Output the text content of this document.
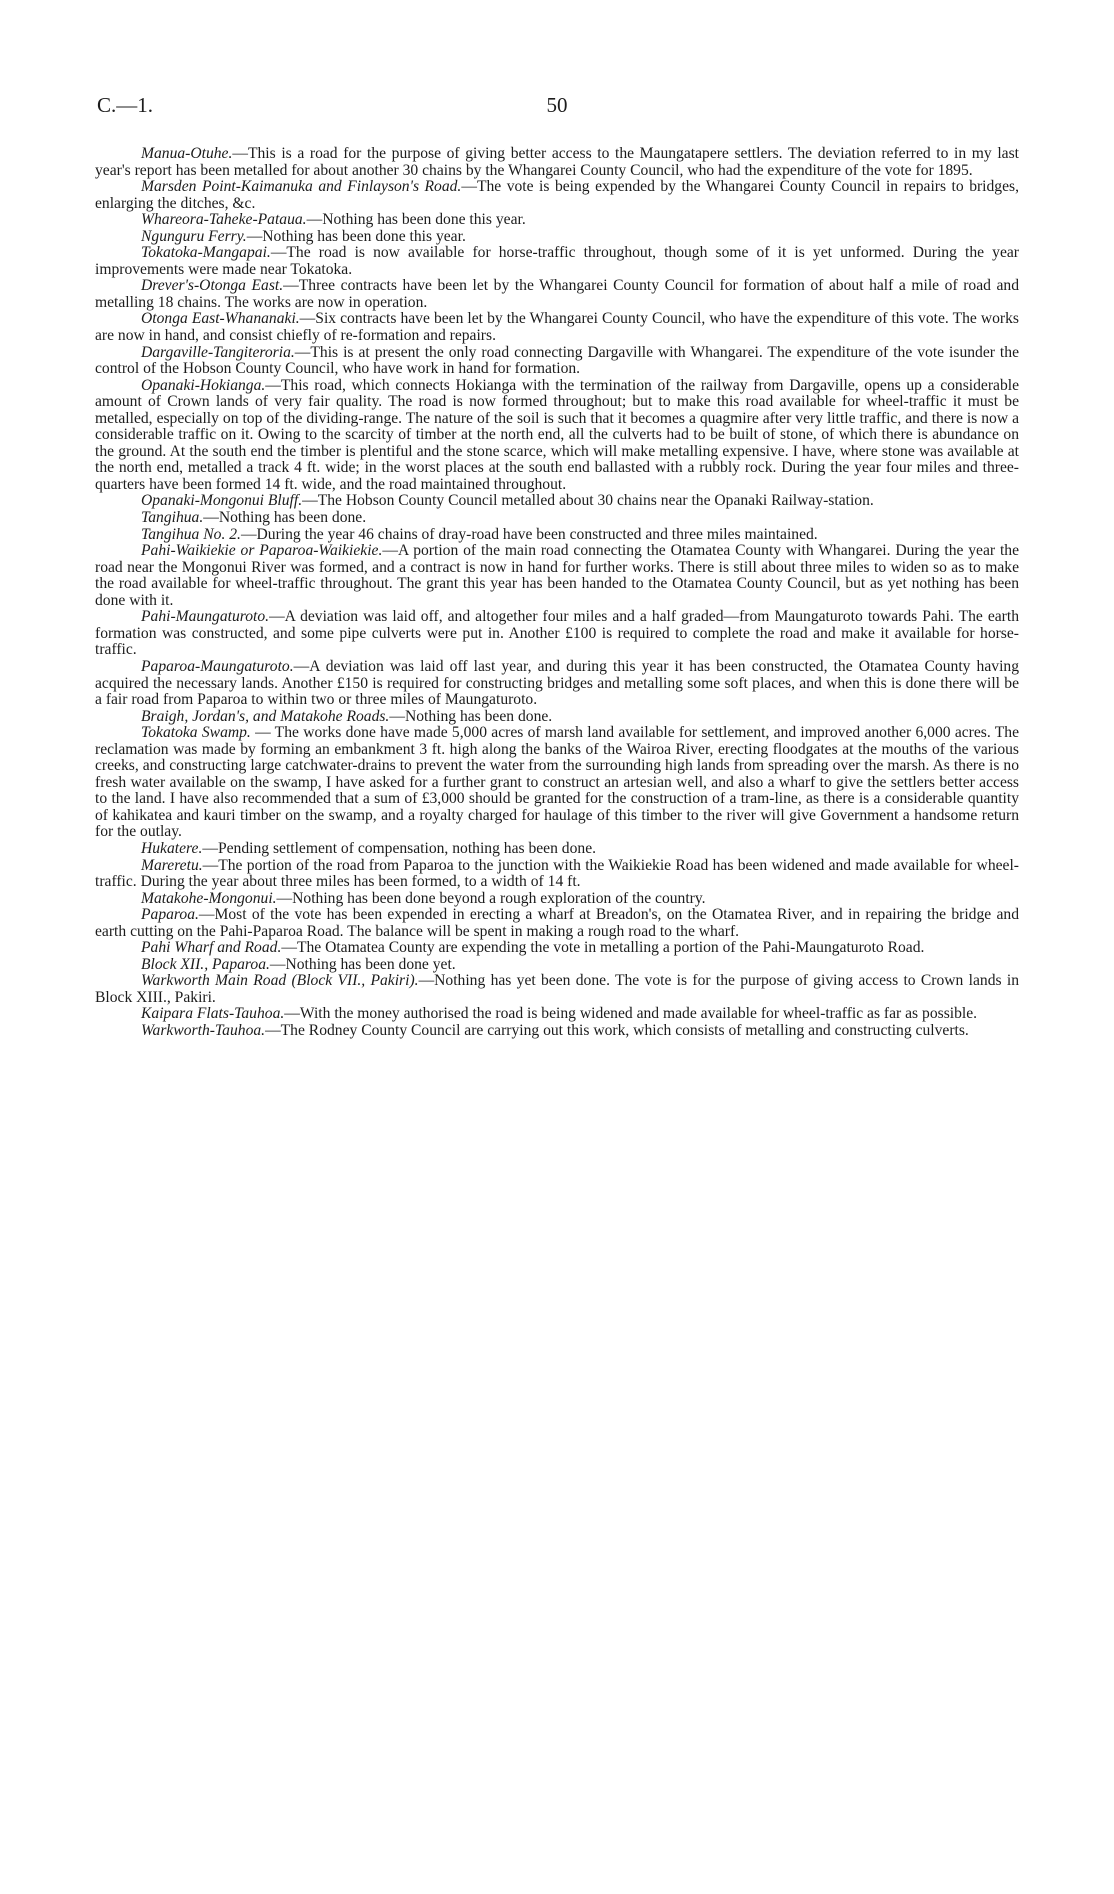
C.—1.	50

Manua-Otuhe.—This is a road for the purpose of giving better access to the Maungatapere settlers. The deviation referred to in my last year's report has been metalled for about another 30 chains by the Whangarei County Council, who had the expenditure of the vote for 1895.

Marsden Point-Kaimanuka and Finlayson's Road.—The vote is being expended by the Whangarei County Council in repairs to bridges, enlarging the ditches, &c.

Whareora-Taheke-Pataua.—Nothing has been done this year.

Ngunguru Ferry.—Nothing has been done this year.

Tokatoka-Mangapai.—The road is now available for horse-traffic throughout, though some of it is yet unformed. During the year improvements were made near Tokatoka.

Drever's-Otonga East.—Three contracts have been let by the Whangarei County Council for formation of about half a mile of road and metalling 18 chains. The works are now in operation.

Otonga East-Whananaki.—Six contracts have been let by the Whangarei County Council, who have the expenditure of this vote. The works are now in hand, and consist chiefly of re-formation and repairs.

Dargaville-Tangiteroria.—This is at present the only road connecting Dargaville with Whangarei. The expenditure of the vote isunder the control of the Hobson County Council, who have work in hand for formation.

Opanaki-Hokianga.—This road, which connects Hokianga with the termination of the railway from Dargaville, opens up a considerable amount of Crown lands of very fair quality. The road is now formed throughout; but to make this road available for wheel-traffic it must be metalled, especially on top of the dividing-range. The nature of the soil is such that it becomes a quagmire after very little traffic, and there is now a considerable traffic on it. Owing to the scarcity of timber at the north end, all the culverts had to be built of stone, of which there is abundance on the ground. At the south end the timber is plentiful and the stone scarce, which will make metalling expensive. I have, where stone was available at the north end, metalled a track 4 ft. wide; in the worst places at the south end ballasted with a rubbly rock. During the year four miles and three-quarters have been formed 14 ft. wide, and the road maintained throughout.

Opanaki-Mongonui Bluff.—The Hobson County Council metalled about 30 chains near the Opanaki Railway-station.

Tangihua.—Nothing has been done.

Tangihua No. 2.—During the year 46 chains of dray-road have been constructed and three miles maintained.

Pahi-Waikiekie or Paparoa-Waikiekie.—A portion of the main road connecting the Otamatea County with Whangarei. During the year the road near the Mongonui River was formed, and a contract is now in hand for further works. There is still about three miles to widen so as to make the road available for wheel-traffic throughout. The grant this year has been handed to the Otamatea County Council, but as yet nothing has been done with it.

Pahi-Maungaturoto.—A deviation was laid off, and altogether four miles and a half graded—from Maungaturoto towards Pahi. The earth formation was constructed, and some pipe culverts were put in. Another £100 is required to complete the road and make it available for horse-traffic.

Paparoa-Maungaturoto.—A deviation was laid off last year, and during this year it has been constructed, the Otamatea County having acquired the necessary lands. Another £150 is required for constructing bridges and metalling some soft places, and when this is done there will be a fair road from Paparoa to within two or three miles of Maungaturoto.

Braigh, Jordan's, and Matakohe Roads.—Nothing has been done.

Tokatoka Swamp. — The works done have made 5,000 acres of marsh land available for settlement, and improved another 6,000 acres. The reclamation was made by forming an embankment 3 ft. high along the banks of the Wairoa River, erecting floodgates at the mouths of the various creeks, and constructing large catchwater-drains to prevent the water from the surrounding high lands from spreading over the marsh. As there is no fresh water available on the swamp, I have asked for a further grant to construct an artesian well, and also a wharf to give the settlers better access to the land. I have also recommended that a sum of £3,000 should be granted for the construction of a tram-line, as there is a considerable quantity of kahikatea and kauri timber on the swamp, and a royalty charged for haulage of this timber to the river will give Government a handsome return for the outlay.

Hukatere.—Pending settlement of compensation, nothing has been done.

Mareretu.—The portion of the road from Paparoa to the junction with the Waikiekie Road has been widened and made available for wheel-traffic. During the year about three miles has been formed, to a width of 14 ft.

Matakohe-Mongonui.—Nothing has been done beyond a rough exploration of the country.

Paparoa.—Most of the vote has been expended in erecting a wharf at Breadon's, on the Otamatea River, and in repairing the bridge and earth cutting on the Pahi-Paparoa Road. The balance will be spent in making a rough road to the wharf.

Pahi Wharf and Road.—The Otamatea County are expending the vote in metalling a portion of the Pahi-Maungaturoto Road.

Block XII., Paparoa.—Nothing has been done yet.

Warkworth Main Road (Block VII., Pakiri).—Nothing has yet been done. The vote is for the purpose of giving access to Crown lands in Block XIII., Pakiri.

Kaipara Flats-Tauhoa.—With the money authorised the road is being widened and made available for wheel-traffic as far as possible.

Warkworth-Tauhoa.—The Rodney County Council are carrying out this work, which consists of metalling and constructing culverts.
